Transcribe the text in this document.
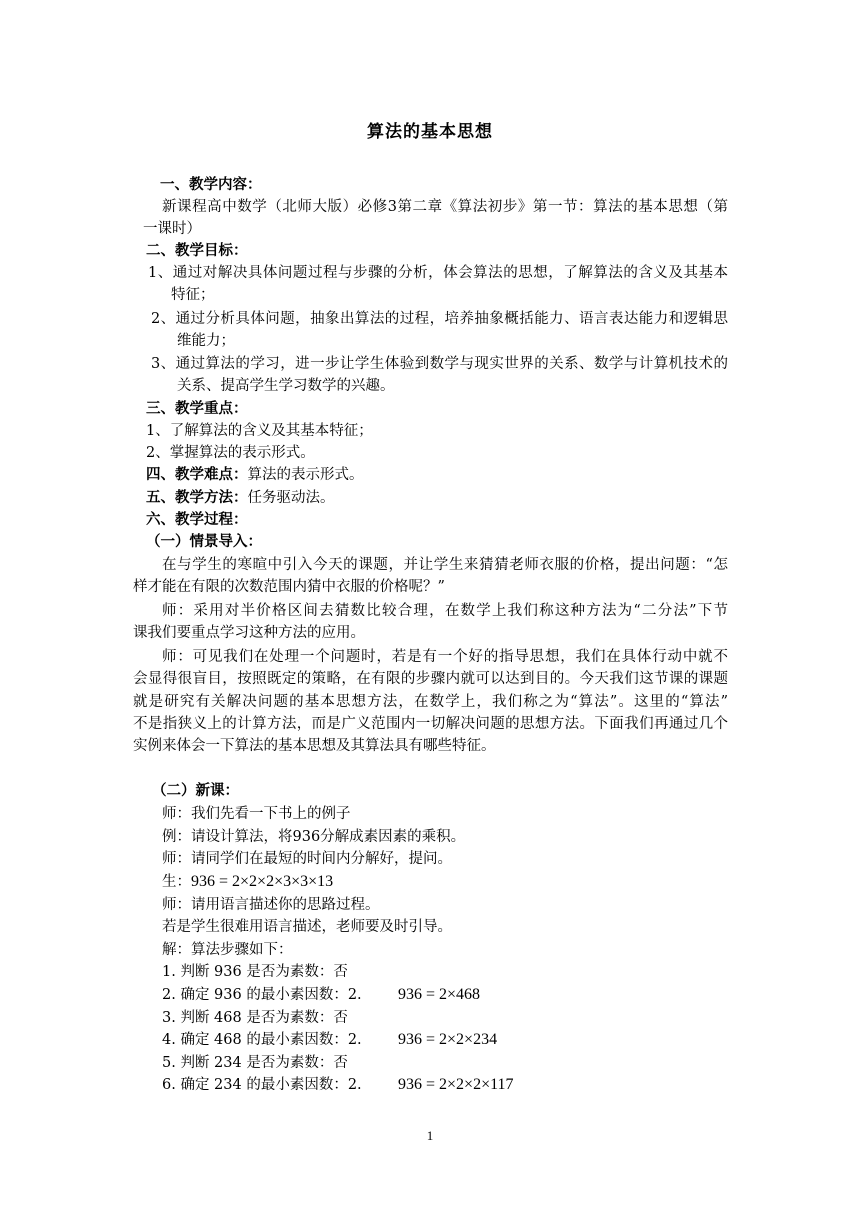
算法的基本思想
一、教学内容：
新课程高中数学（北师大版）必修3第二章《算法初步》第一节：算法的基本思想（第
一课时）
二、教学目标：
1、通过对解决具体问题过程与步骤的分析，体会算法的思想，了解算法的含义及其基本
特征；
2、通过分析具体问题，抽象出算法的过程，培养抽象概括能力、语言表达能力和逻辑思
维能力；
3、通过算法的学习，进一步让学生体验到数学与现实世界的关系、数学与计算机技术的
关系、提高学生学习数学的兴趣。
三、教学重点：
1、了解算法的含义及其基本特征；
2、掌握算法的表示形式。
四、教学难点：算法的表示形式。
五、教学方法：任务驱动法。
六、教学过程：
（一）情景导入：
在与学生的寒暄中引入今天的课题，并让学生来猜猜老师衣服的价格，提出问题：“怎
样才能在有限的次数范围内猜中衣服的价格呢？”
师：采用对半价格区间去猜数比较合理，在数学上我们称这种方法为“二分法”下节
课我们要重点学习这种方法的应用。
师：可见我们在处理一个问题时，若是有一个好的指导思想，我们在具体行动中就不
会显得很盲目，按照既定的策略，在有限的步骤内就可以达到目的。今天我们这节课的课题
就是研究有关解决问题的基本思想方法，在数学上，我们称之为“算法”。这里的“算法”
不是指狭义上的计算方法，而是广义范围内一切解决问题的思想方法。下面我们再通过几个
实例来体会一下算法的基本思想及其算法具有哪些特征。
（二）新课：
师：我们先看一下书上的例子
例：请设计算法，将936分解成素因素的乘积。
师：请同学们在最短的时间内分解好，提问。
生：936 = 2×2×2×3×3×13
师：请用语言描述你的思路过程。
若是学生很难用语言描述，老师要及时引导。
解：算法步骤如下：
1. 判断 936 是否为素数：否
2. 确定 936 的最小素因数：2. 936 = 2×468
3. 判断 468 是否为素数：否
4. 确定 468 的最小素因数：2. 936 = 2×2×234
5. 判断 234 是否为素数：否
6. 确定 234 的最小素因数：2. 936 = 2×2×2×117
1
